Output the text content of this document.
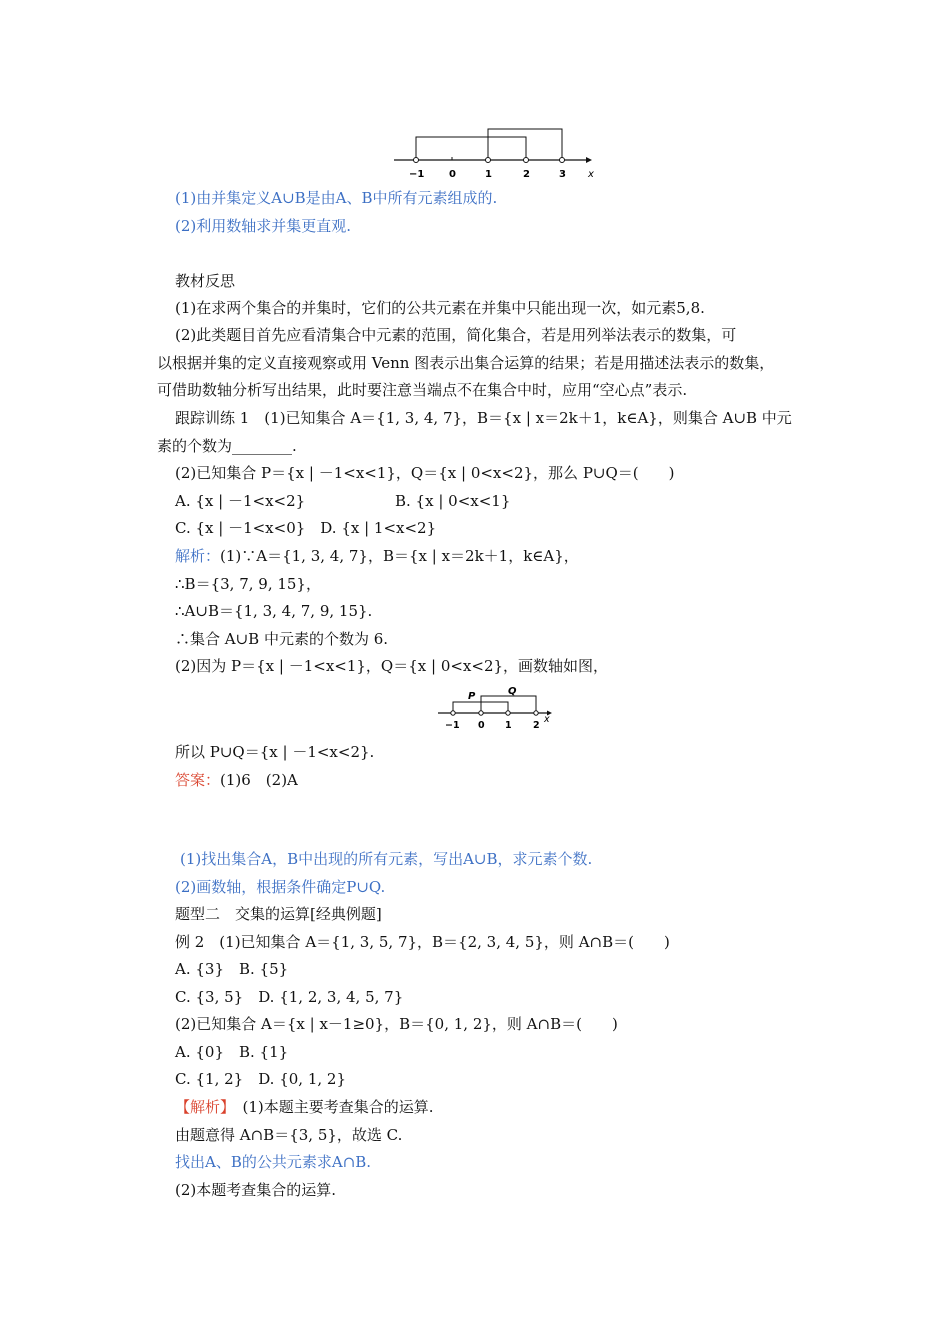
−1 0	1	2	3 x
(1)由并集定义A∪B是由A、B中所有元素组成的.
(2)利用数轴求并集更直观.
教材反思
(1)在求两个集合的并集时，它们的公共元素在并集中只能出现一次，如元素5,8.
(2)此类题目首先应看清集合中元素的范围，简化集合，若是用列举法表示的数集，可
以根据并集的定义直接观察或用 Venn 图表示出集合运算的结果；若是用描述法表示的数集，
可借助数轴分析写出结果，此时要注意当端点不在集合中时，应用“空心点”表示.
跟踪训练 1　(1)已知集合 A＝{1, 3, 4, 7}，B＝{x | x＝2k＋1，k∈A}，则集合 A∪B 中元
素的个数为________.
(2)已知集合 P＝{x | －1<x<1}，Q＝{x | 0<x<2}，那么 P∪Q＝(　　)
A. {x | －1<x<2}	B. {x | 0<x<1}
C. {x | －1<x<0}　D. {x | 1<x<2}
解析：(1)∵A＝{1, 3, 4, 7}，B＝{x | x＝2k＋1，k∈A}，
∴B＝{3, 7, 9, 15}，
∴A∪B＝{1, 3, 4, 7, 9, 15}.
∴集合 A∪B 中元素的个数为 6.
(2)因为 P＝{x | －1<x<1}，Q＝{x | 0<x<2}，画数轴如图，
P	Q
−1 0 1 2
x
所以 P∪Q＝{x | －1<x<2}.
答案：(1)6　(2)A
(1)找出集合A，B中出现的所有元素，写出A∪B，求元素个数.
(2)画数轴，根据条件确定P∪Q.
题型二　交集的运算[经典例题]
例 2　(1)已知集合 A＝{1, 3, 5, 7}，B＝{2, 3, 4, 5}，则 A∩B＝(　　)
A. {3}　B. {5}
C. {3, 5}　D. {1, 2, 3, 4, 5, 7}
(2)已知集合 A＝{x | x－1≥0}，B＝{0, 1, 2}，则 A∩B＝(　　)
A. {0}　B. {1}
C. {1, 2}　D. {0, 1, 2}
【解析】　(1)本题主要考查集合的运算.
由题意得 A∩B＝{3, 5}，故选 C.
找出A、B的公共元素求A∩B.
(2)本题考查集合的运算.
